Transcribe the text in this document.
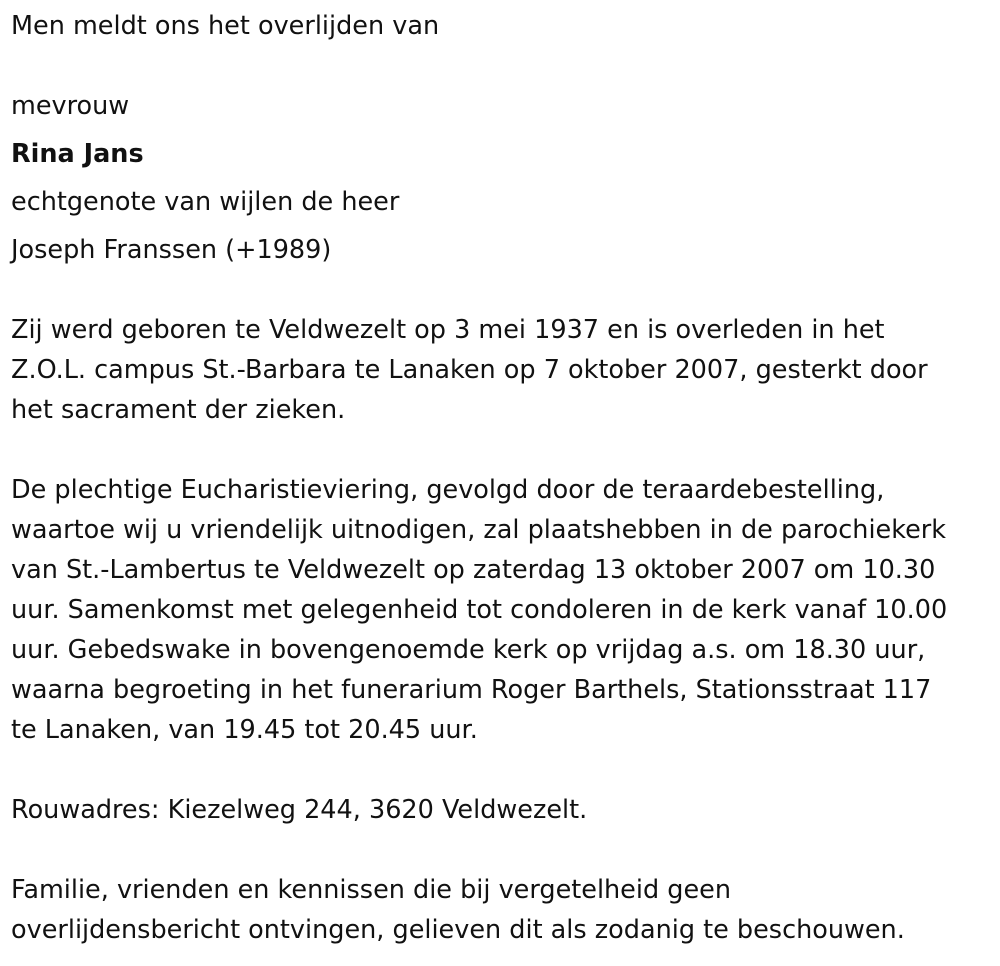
Men meldt ons het overlijden van

mevrouw

Rina Jans

echtgenote van wijlen de heer

Joseph Franssen (+1989)

Zij werd geboren te Veldwezelt op 3 mei 1937 en is overleden in het
Z.O.L. campus St.-Barbara te Lanaken op 7 oktober 2007, gesterkt door
het sacrament der zieken.
De plechtige Eucharistieviering, gevolgd door de teraardebestelling,
waartoe wij u vriendelijk uitnodigen, zal plaatshebben in de parochiekerk
van St.-Lambertus te Veldwezelt op zaterdag 13 oktober 2007 om 10.30
uur. Samenkomst met gelegenheid tot condoleren in de kerk vanaf 10.00
uur. Gebedswake in bovengenoemde kerk op vrijdag a.s. om 18.30 uur,
waarna begroeting in het funerarium Roger Barthels, Stationsstraat 117
te Lanaken, van 19.45 tot 20.45 uur.
Rouwadres: Kiezelweg 244, 3620 Veldwezelt.
Familie, vrienden en kennissen die bij vergetelheid geen
overlijdensbericht ontvingen, gelieven dit als zodanig te beschouwen.
